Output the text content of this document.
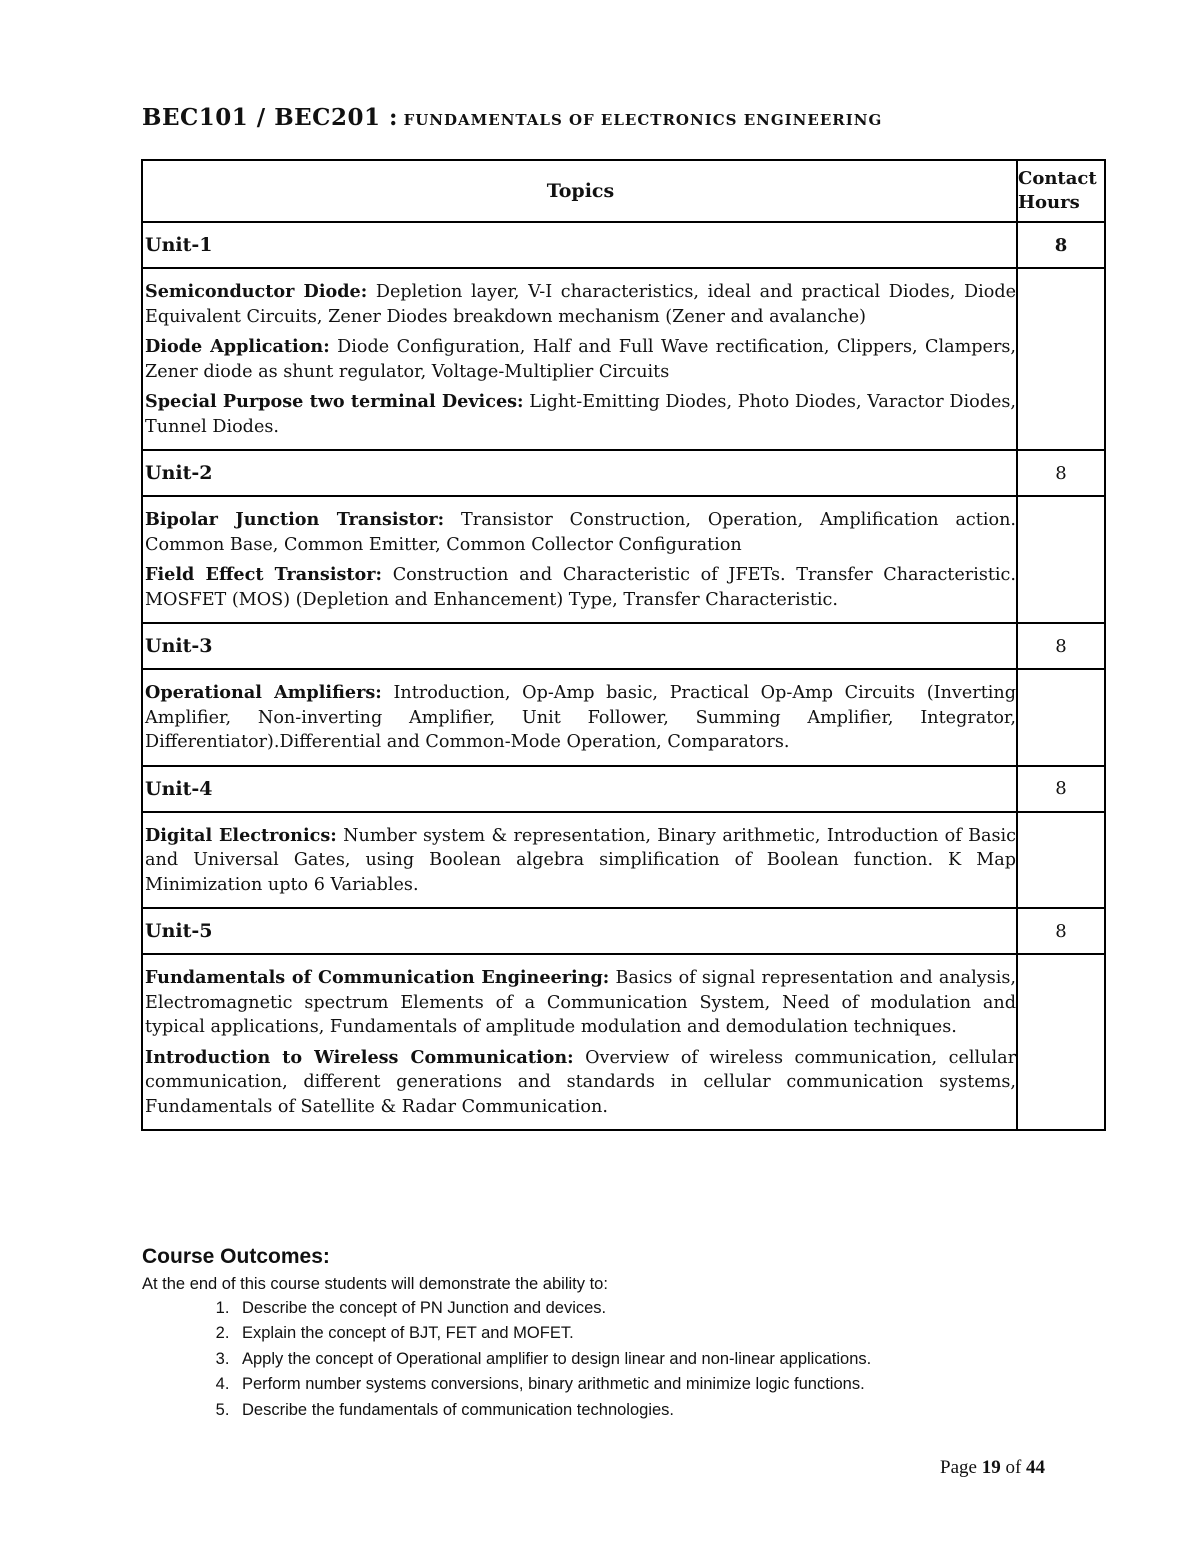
BEC101 / BEC201 : FUNDAMENTALS OF ELECTRONICS ENGINEERING
Topics	Contact
Hours

Unit-1	8

Semiconductor Diode: Depletion layer, V-I characteristics, ideal and practical Diodes, Diode Equivalent Circuits, Zener Diodes breakdown mechanism (Zener and avalanche)
Diode Application: Diode Configuration, Half and Full Wave rectification, Clippers, Clampers, Zener diode as shunt regulator, Voltage-Multiplier Circuits
Special Purpose two terminal Devices: Light-Emitting Diodes, Photo Diodes, Varactor Diodes, Tunnel Diodes.	

Unit-2	8

Bipolar Junction Transistor: Transistor Construction, Operation, Amplification action. Common Base, Common Emitter, Common Collector Configuration
Field Effect Transistor: Construction and Characteristic of JFETs. Transfer Characteristic. MOSFET (MOS) (Depletion and Enhancement) Type, Transfer Characteristic.	

Unit-3	8

Operational Amplifiers: Introduction, Op-Amp basic, Practical Op-Amp Circuits (Inverting Amplifier, Non-inverting Amplifier, Unit Follower, Summing Amplifier, Integrator, Differentiator).Differential and Common-Mode Operation, Comparators.	

Unit-4	8

Digital Electronics: Number system & representation, Binary arithmetic, Introduction of Basic and Universal Gates, using Boolean algebra simplification of Boolean function. K Map Minimization upto 6 Variables.	

Unit-5	8

Fundamentals of Communication Engineering: Basics of signal representation and analysis, Electromagnetic spectrum Elements of a Communication System, Need of modulation and typical applications, Fundamentals of amplitude modulation and demodulation techniques.
Introduction to Wireless Communication: Overview of wireless communication, cellular communication, different generations and standards in cellular communication systems, Fundamentals of Satellite & Radar Communication.	

Course Outcomes:
At the end of this course students will demonstrate the ability to:
1. Describe the concept of PN Junction and devices.
2. Explain the concept of BJT, FET and MOFET.
3. Apply the concept of Operational amplifier to design linear and non-linear applications.
4. Perform number systems conversions, binary arithmetic and minimize logic functions.
5. Describe the fundamentals of communication technologies.
Page 19 of 44
